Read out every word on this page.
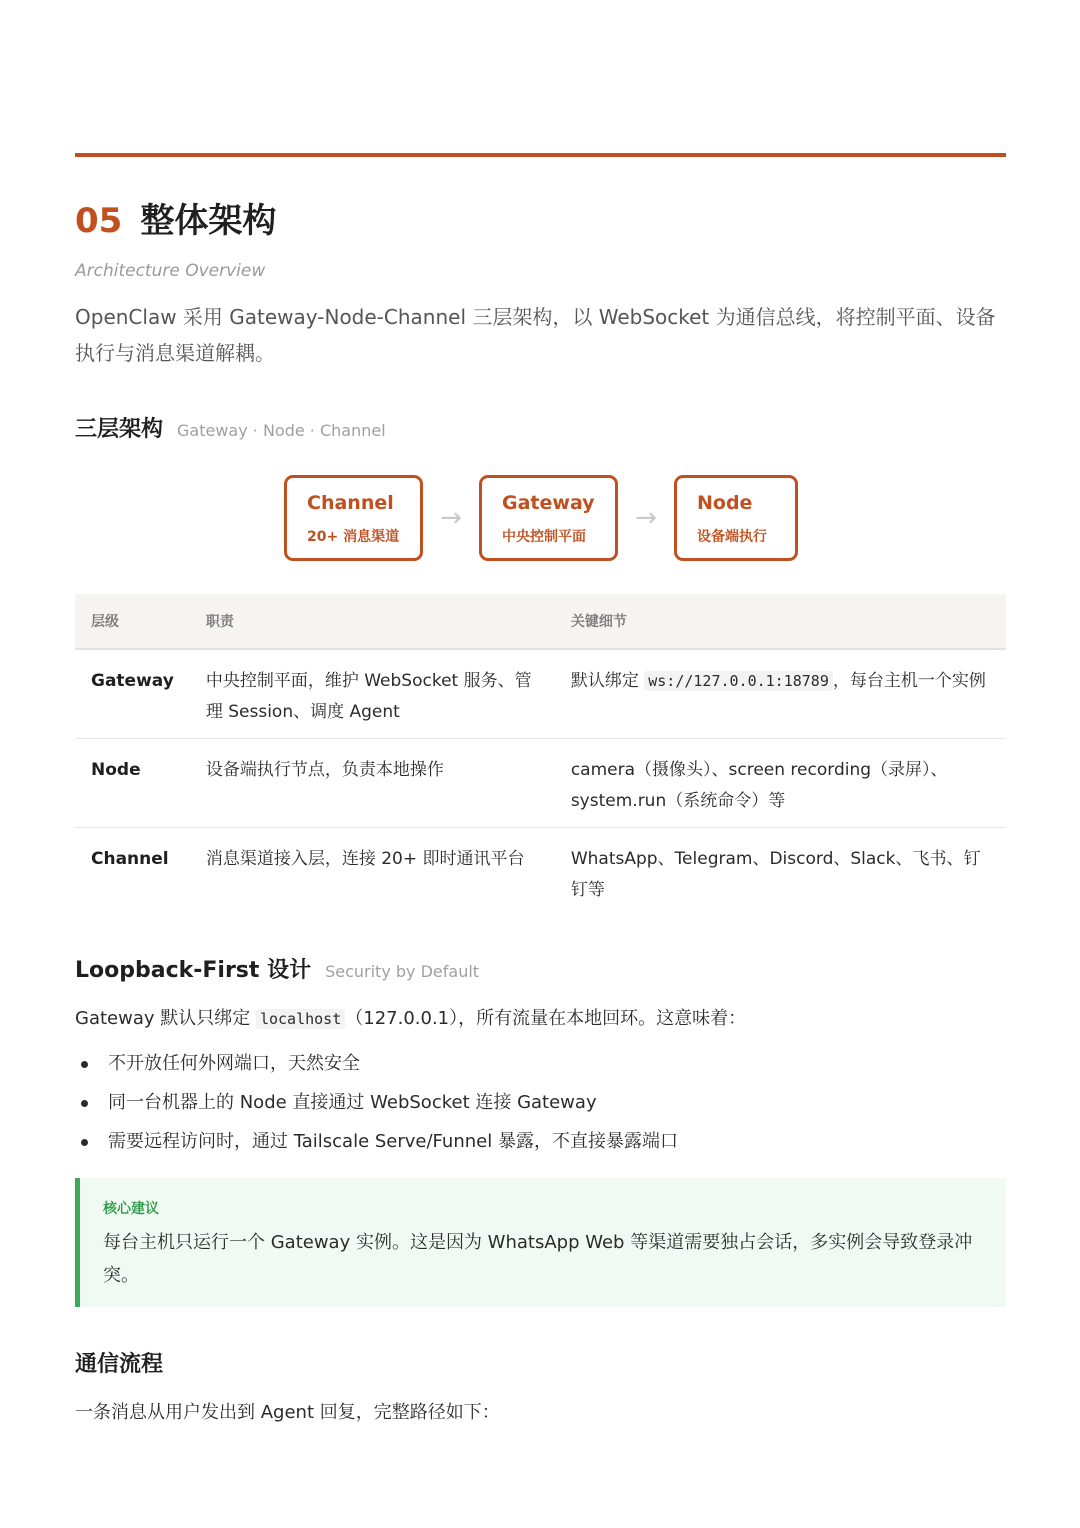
05 整体架构
Architecture Overview
OpenClaw 采用 Gateway-Node-Channel 三层架构，以 WebSocket 为通信总线，将控制平面、设备执行与消息渠道解耦。
三层架构 Gateway · Node · Channel
Channel
20+ 消息渠道
→	Gateway
中央控制平面
→	Node
设备端执行
层级	职责	关键细节
Gateway	中央控制平面，维护 WebSocket 服务、管理 Session、调度 Agent	默认绑定 ws://127.0.0.1:18789 ，每台主机一个实例
Node	设备端执行节点，负责本地操作	camera（摄像头）、screen recording（录屏）、system.run（系统命令）等
Channel	消息渠道接入层，连接 20+ 即时通讯平台	WhatsApp、Telegram、Discord、Slack、飞书、钉钉等
Loopback-First 设计 Security by Default
Gateway 默认只绑定 localhost （127.0.0.1），所有流量在本地回环。这意味着：
不开放任何外网端口，天然安全
同一台机器上的 Node 直接通过 WebSocket 连接 Gateway
需要远程访问时，通过 Tailscale Serve/Funnel 暴露，不直接暴露端口
核心建议
每台主机只运行一个 Gateway 实例。这是因为 WhatsApp Web 等渠道需要独占会话，多实例会导致登录冲突。
通信流程
一条消息从用户发出到 Agent 回复，完整路径如下：
